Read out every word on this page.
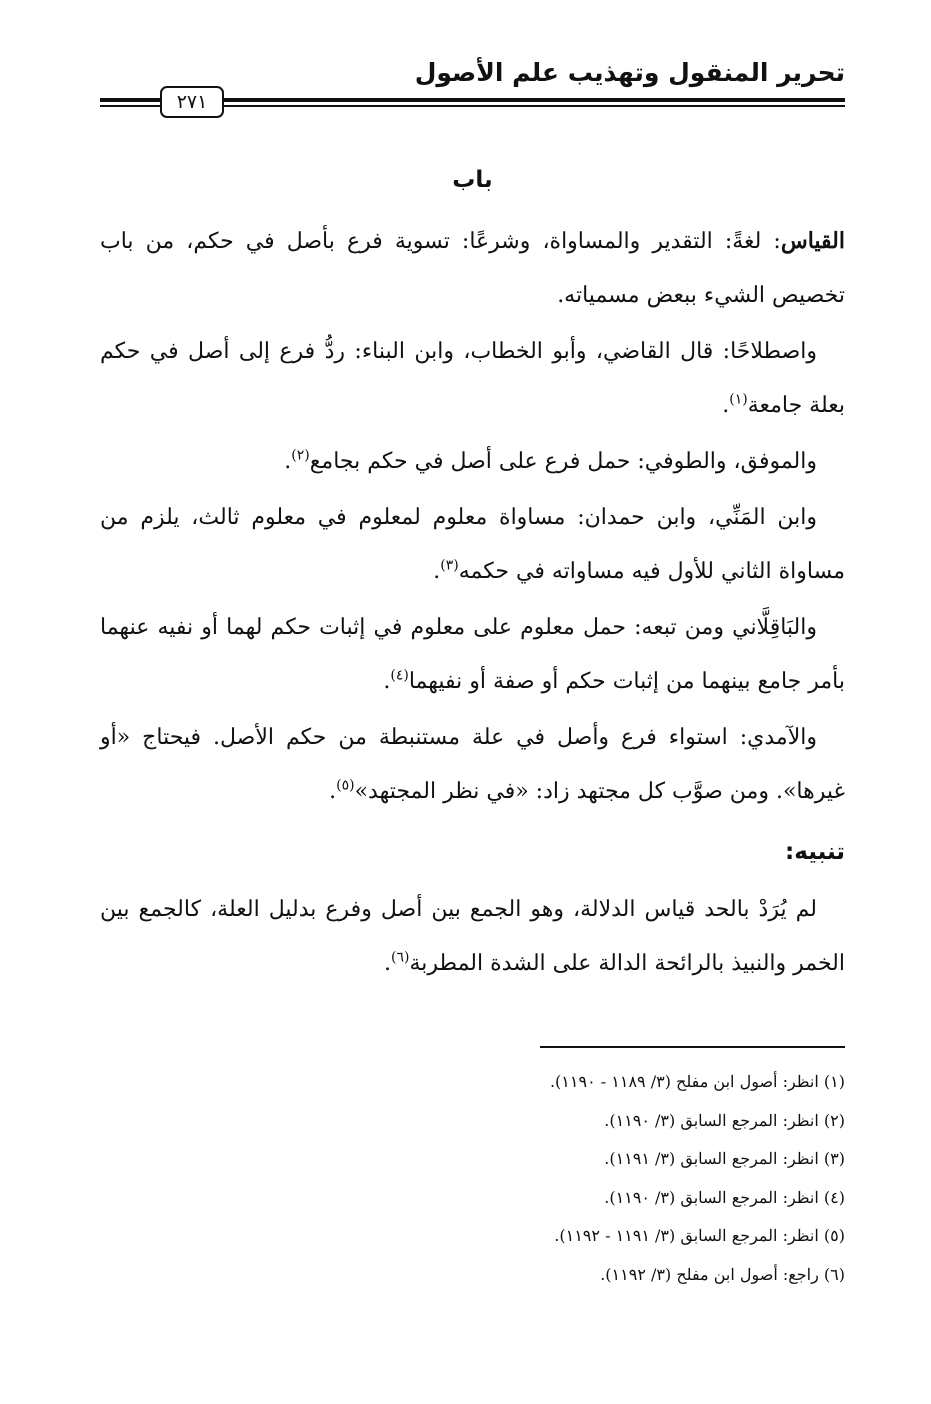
تحرير المنقول وتهذيب علم الأصول
٢٧١
باب

القياس: لغةً: التقدير والمساواة، وشرعًا: تسوية فرع بأصل في حكم، من باب تخصيص الشيء ببعض مسمياته.

واصطلاحًا: قال القاضي، وأبو الخطاب، وابن البناء: ردُّ فرع إلى أصل في حكم بعلة جامعة$^{(١)}$.

والموفق، والطوفي: حمل فرع على أصل في حكم بجامع$^{(٢)}$.

وابن المَنِّي، وابن حمدان: مساواة معلوم لمعلوم في معلوم ثالث، يلزم من مساواة الثاني للأول فيه مساواته في حكمه$^{(٣)}$.

والبَاقِلَّاني ومن تبعه: حمل معلوم على معلوم في إثبات حكم لهما أو نفيه عنهما بأمر جامع بينهما من إثبات حكم أو صفة أو نفيهما$^{(٤)}$.

والآمدي: استواء فرع وأصل في علة مستنبطة من حكم الأصل. فيحتاج «أو غيرها». ومن صوَّب كل مجتهد زاد: «في نظر المجتهد»$^{(٥)}$.

تنبيه:

لم يُرَدْ بالحد قياس الدلالة، وهو الجمع بين أصل وفرع بدليل العلة، كالجمع بين الخمر والنبيذ بالرائحة الدالة على الشدة المطربة$^{(٦)}$.

(١) انظر: أصول ابن مفلح (٣/ ١١٨٩ - ١١٩٠).
(٢) انظر: المرجع السابق (٣/ ١١٩٠).
(٣) انظر: المرجع السابق (٣/ ١١٩١).
(٤) انظر: المرجع السابق (٣/ ١١٩٠).
(٥) انظر: المرجع السابق (٣/ ١١٩١ - ١١٩٢).
(٦) راجع: أصول ابن مفلح (٣/ ١١٩٢).
